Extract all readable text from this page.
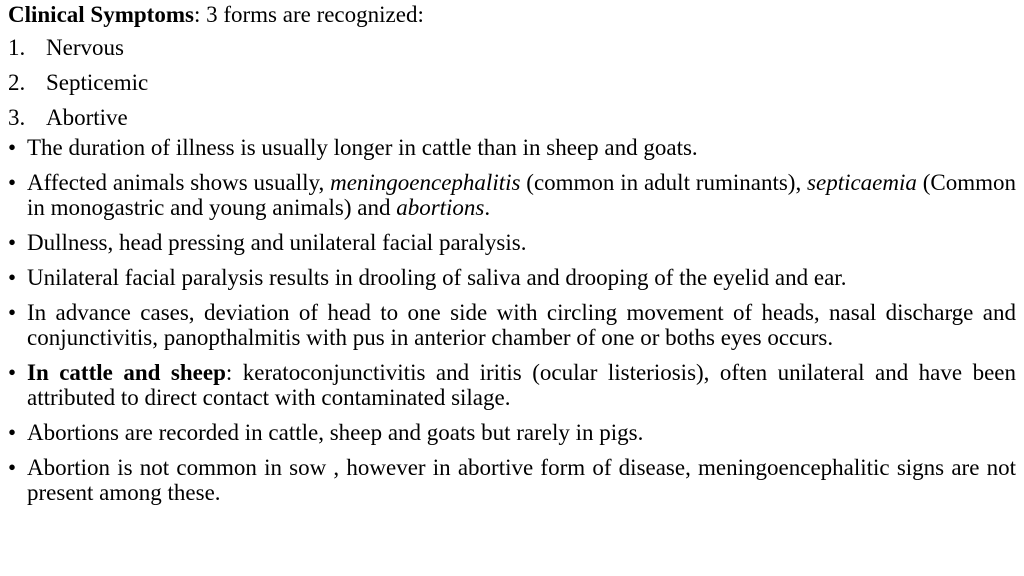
Clinical Symptoms: 3 forms are recognized:

1. Nervous
2. Septicemic
3. Abortive
• The duration of illness is usually longer in cattle than in sheep and goats.
• Affected animals shows usually, meningoencephalitis (common in adult ruminants), septicaemia (Common in monogastric and young animals) and abortions.
• Dullness, head pressing and unilateral facial paralysis.
• Unilateral facial paralysis results in drooling of saliva and drooping of the eyelid and ear.
• In advance cases, deviation of head to one side with circling movement of heads, nasal discharge and conjunctivitis, panopthalmitis with pus in anterior chamber of one or boths eyes occurs.
• In cattle and sheep: keratoconjunctivitis and iritis (ocular listeriosis), often unilateral and have been attributed to direct contact with contaminated silage.
• Abortions are recorded in cattle, sheep and goats but rarely in pigs.
• Abortion is not common in sow , however in abortive form of disease, meningoencephalitic signs are not present among these.
